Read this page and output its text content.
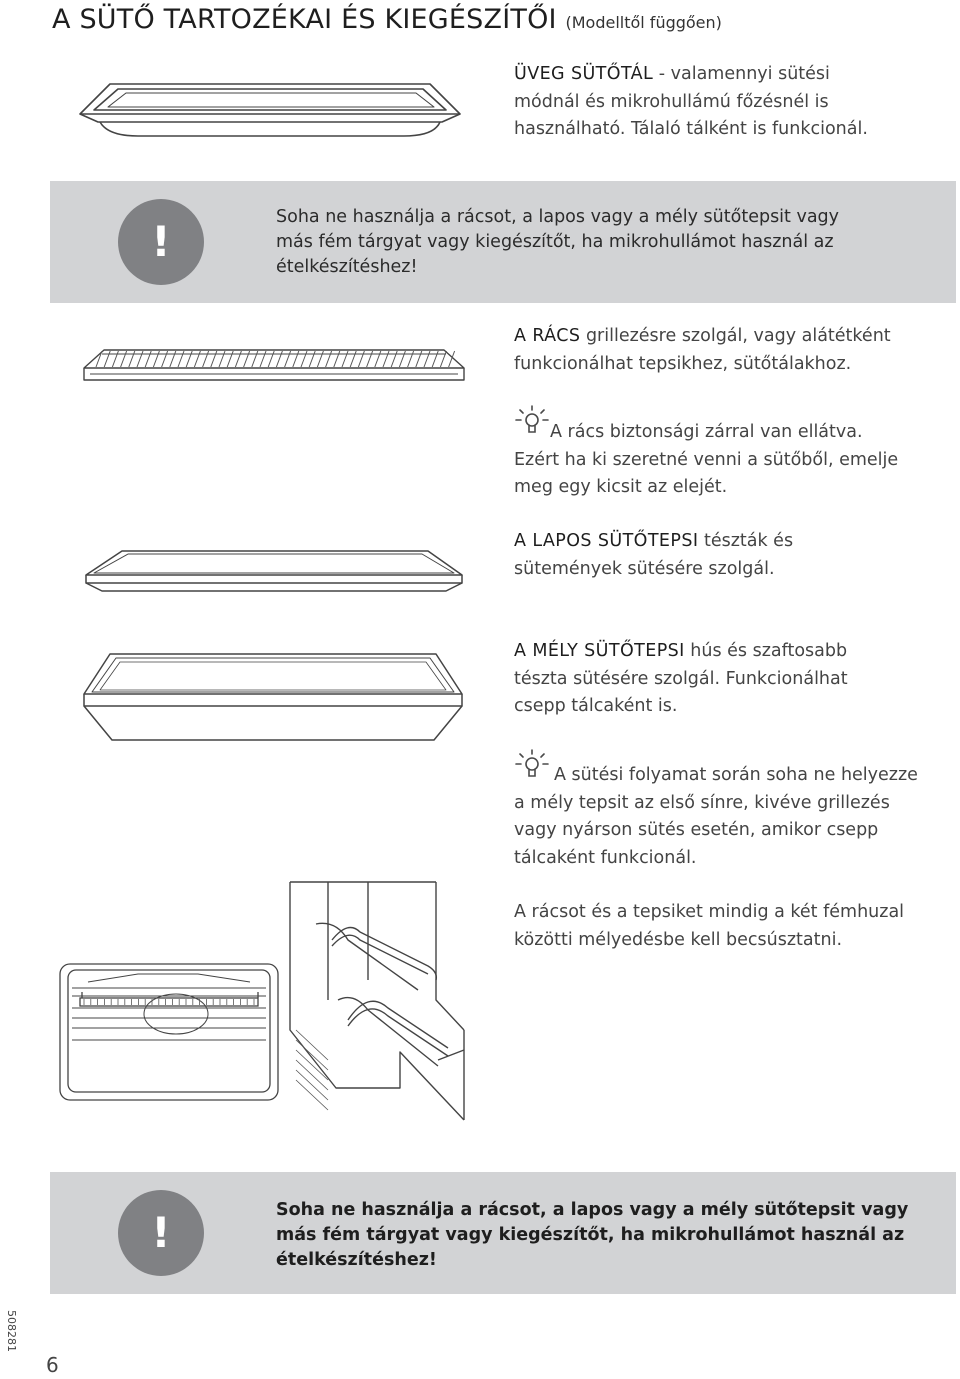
A SÜTŐ TARTOZÉKAI ÉS KIEGÉSZÍTŐI (Modelltől függően)
ÜVEG SÜTŐTÁL - valamennyi sütési
módnál és mikrohullámú főzésnél is
használható. Tálaló tálként is funkcionál.
!	Soha ne használja a rácsot, a lapos vagy a mély sütőtepsit vagy
más fém tárgyat vagy kiegészítőt, ha mikrohullámot használ az
ételkészítéshez!
A RÁCS grillezésre szolgál, vagy alátétként
funkcionálhat tepsikhez, sütőtálakhoz.
A rács biztonsági zárral van ellátva.
Ezért ha ki szeretné venni a sütőből, emelje
meg egy kicsit az elejét.
A LAPOS SÜTŐTEPSI tészták és
sütemények sütésére szolgál.
A MÉLY SÜTŐTEPSI hús és szaftosabb
tészta sütésére szolgál. Funkcionálhat
csepp tálcaként is.
A sütési folyamat során soha ne helyezze
a mély tepsit az első sínre, kivéve grillezés
vagy nyárson sütés esetén, amikor csepp
tálcaként funkcionál.
A rácsot és a tepsiket mindig a két fémhuzal
közötti mélyedésbe kell becsúsztatni.
!	Soha ne használja a rácsot, a lapos vagy a mély sütőtepsit vagy
más fém tárgyat vagy kiegészítőt, ha mikrohullámot használ az
ételkészítéshez!
508281
6
